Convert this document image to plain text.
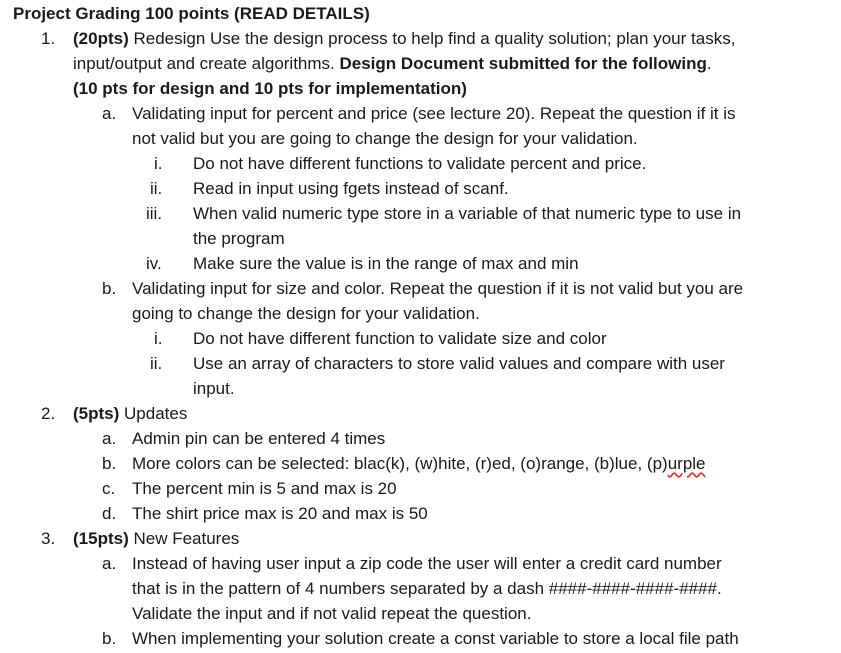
Project Grading 100 points (READ DETAILS)
1. (20pts) Redesign Use the design process to help find a quality solution; plan your tasks,
input/output and create algorithms. Design Document submitted for the following.
(10 pts for design and 10 pts for implementation)
a. Validating input for percent and price (see lecture 20). Repeat the question if it is
not valid but you are going to change the design for your validation.
i. Do not have different functions to validate percent and price.
ii. Read in input using fgets instead of scanf.
iii. When valid numeric type store in a variable of that numeric type to use in
the program
iv. Make sure the value is in the range of max and min
b. Validating input for size and color. Repeat the question if it is not valid but you are
going to change the design for your validation.
i. Do not have different function to validate size and color
ii. Use an array of characters to store valid values and compare with user
input.
2. (5pts) Updates
a. Admin pin can be entered 4 times
b. More colors can be selected: blac(k), (w)hite, (r)ed, (o)range, (b)lue, (p)urple
c. The percent min is 5 and max is 20
d. The shirt price max is 20 and max is 50
3. (15pts) New Features
a. Instead of having user input a zip code the user will enter a credit card number
that is in the pattern of 4 numbers separated by a dash ####-####-####-####.
Validate the input and if not valid repeat the question.
b. When implementing your solution create a const variable to store a local file path
